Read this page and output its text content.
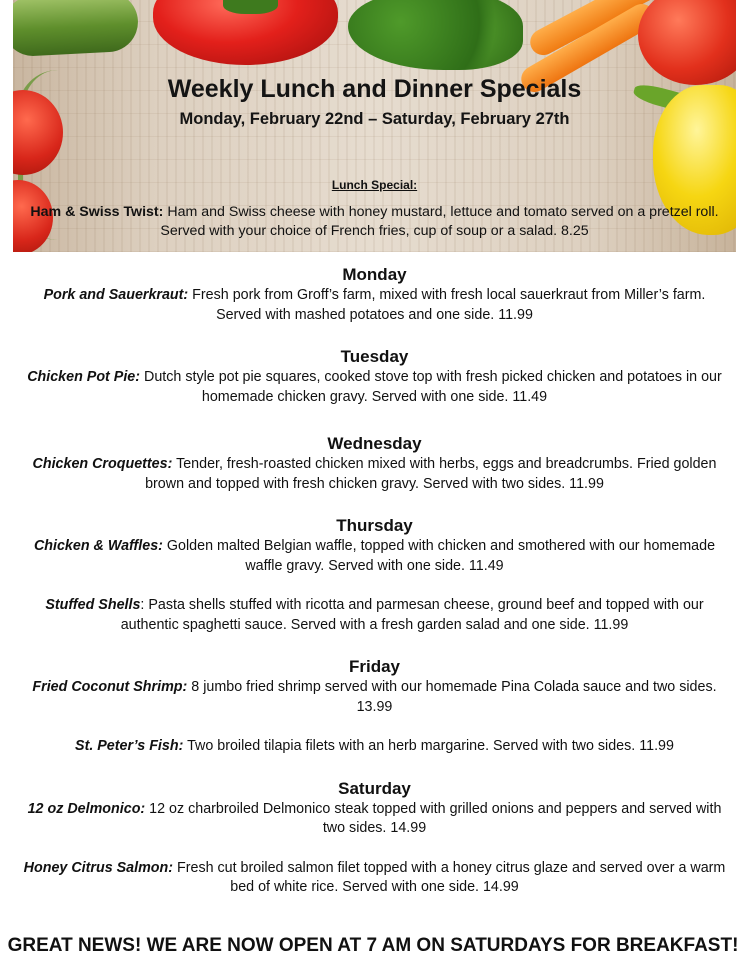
Weekly Lunch and Dinner Specials
Monday, February 22nd – Saturday, February 27th
Lunch Special:
Ham & Swiss Twist: Ham and Swiss cheese with honey mustard, lettuce and tomato served on a pretzel roll.
Served with your choice of French fries, cup of soup or a salad. 8.25
Monday

Pork and Sauerkraut: Fresh pork from Groff’s farm, mixed with fresh local sauerkraut from Miller’s farm. Served with mashed potatoes and one side. 11.99

Tuesday

Chicken Pot Pie: Dutch style pot pie squares, cooked stove top with fresh picked chicken and potatoes in our homemade chicken gravy. Served with one side. 11.49

Wednesday

Chicken Croquettes: Tender, fresh-roasted chicken mixed with herbs, eggs and breadcrumbs. Fried golden brown and topped with fresh chicken gravy. Served with two sides. 11.99

Thursday

Chicken & Waffles: Golden malted Belgian waffle, topped with chicken and smothered with our homemade waffle gravy. Served with one side. 11.49

Stuffed Shells: Pasta shells stuffed with ricotta and parmesan cheese, ground beef and topped with our authentic spaghetti sauce. Served with a fresh garden salad and one side. 11.99

Friday

Fried Coconut Shrimp: 8 jumbo fried shrimp served with our homemade Pina Colada sauce and two sides. 13.99

St. Peter’s Fish: Two broiled tilapia filets with an herb margarine. Served with two sides. 11.99

Saturday

12 oz Delmonico: 12 oz charbroiled Delmonico steak topped with grilled onions and peppers and served with two sides. 14.99

Honey Citrus Salmon: Fresh cut broiled salmon filet topped with a honey citrus glaze and served over a warm bed of white rice. Served with one side. 14.99

GREAT NEWS! WE ARE NOW OPEN AT 7 AM ON SATURDAYS FOR BREAKFAST!
